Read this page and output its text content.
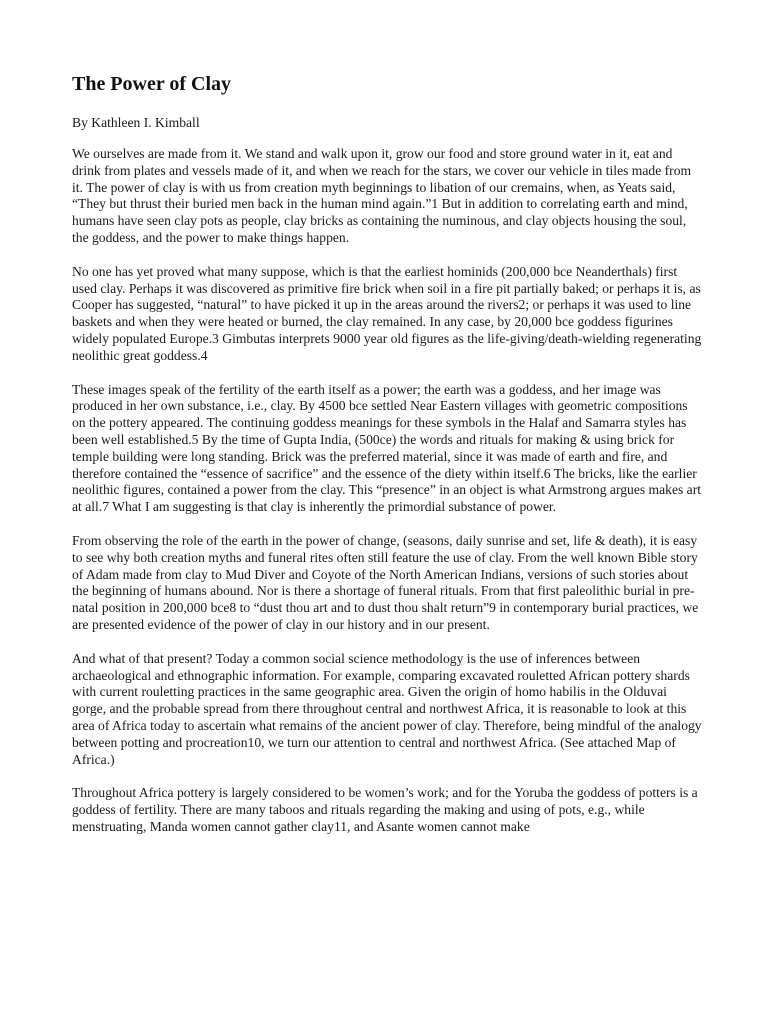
The Power of Clay

By Kathleen I. Kimball

We ourselves are made from it. We stand and walk upon it, grow our food and store ground water in it, eat and drink from plates and vessels made of it, and when we reach for the stars, we cover our vehicle in tiles made from it. The power of clay is with us from creation myth beginnings to libation of our cremains, when, as Yeats said, “They but thrust their buried men back in the human mind again.”1 But in addition to correlating earth and mind, humans have seen clay pots as people, clay bricks as containing the numinous, and clay objects housing the soul, the goddess, and the power to make things happen.

No one has yet proved what many suppose, which is that the earliest hominids (200,000 bce Neanderthals) first used clay. Perhaps it was discovered as primitive fire brick when soil in a fire pit partially baked; or perhaps it is, as Cooper has suggested, “natural” to have picked it up in the areas around the rivers2; or perhaps it was used to line baskets and when they were heated or burned, the clay remained. In any case, by 20,000 bce goddess figurines widely populated Europe.3 Gimbutas interprets 9000 year old figures as the life-giving/death-wielding regenerating neolithic great goddess.4

These images speak of the fertility of the earth itself as a power; the earth was a goddess, and her image was produced in her own substance, i.e., clay. By 4500 bce settled Near Eastern villages with geometric compositions on the pottery appeared. The continuing goddess meanings for these symbols in the Halaf and Samarra styles has been well established.5 By the time of Gupta India, (500ce) the words and rituals for making & using brick for temple building were long standing. Brick was the preferred material, since it was made of earth and fire, and therefore contained the “essence of sacrifice” and the essence of the diety within itself.6 The bricks, like the earlier neolithic figures, contained a power from the clay. This “presence” in an object is what Armstrong argues makes art at all.7 What I am suggesting is that clay is inherently the primordial substance of power.

From observing the role of the earth in the power of change, (seasons, daily sunrise and set, life & death), it is easy to see why both creation myths and funeral rites often still feature the use of clay. From the well known Bible story of Adam made from clay to Mud Diver and Coyote of the North American Indians, versions of such stories about the beginning of humans abound. Nor is there a shortage of funeral rituals. From that first paleolithic burial in pre-natal position in 200,000 bce8 to “dust thou art and to dust thou shalt return”9 in contemporary burial practices, we are presented evidence of the power of clay in our history and in our present.

And what of that present? Today a common social science methodology is the use of inferences between archaeological and ethnographic information. For example, comparing excavated rouletted African pottery shards with current rouletting practices in the same geographic area. Given the origin of homo habilis in the Olduvai gorge, and the probable spread from there throughout central and northwest Africa, it is reasonable to look at this area of Africa today to ascertain what remains of the ancient power of clay. Therefore, being mindful of the analogy between potting and procreation10, we turn our attention to central and northwest Africa. (See attached Map of Africa.)

Throughout Africa pottery is largely considered to be women’s work; and for the Yoruba the goddess of potters is a goddess of fertility. There are many taboos and rituals regarding the making and using of pots, e.g., while menstruating, Manda women cannot gather clay11, and Asante women cannot make
